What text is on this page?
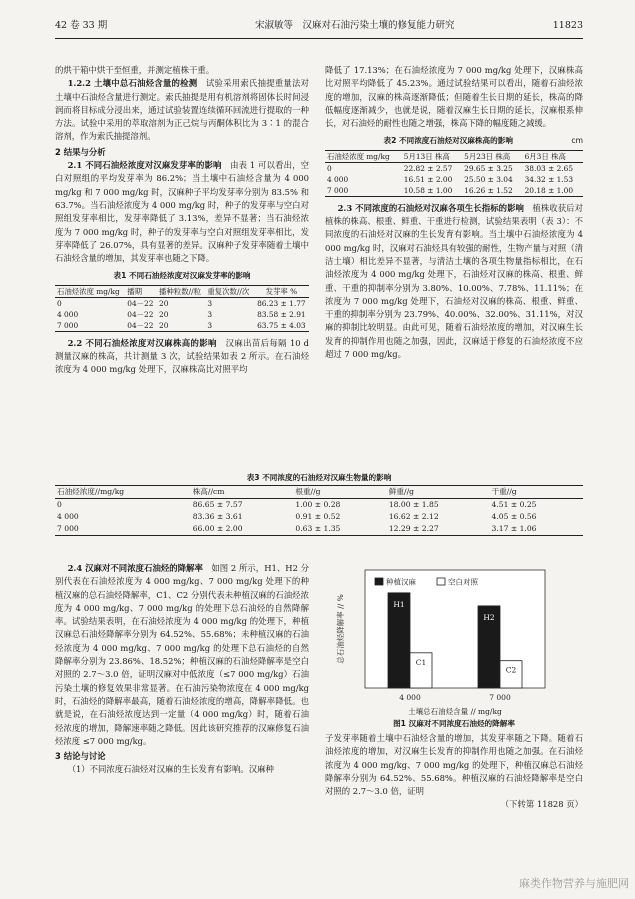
42 卷 33 期	宋淑敏等　 汉麻对石油污染土壤的修复能力研究	11823

的烘干箱中烘干至恒重，并测定植株干重。

1.2.2 土壤中总石油烃含量的检测　 试验采用索氏抽提重量法对土壤中石油烃含量进行测定。索氏抽提是用有机溶剂将固体长时间浸润而将目标成分浸出来，通过试验装置连续循环回流进行提取的一种方法。试验中采用的萃取溶剂为正己烷与丙酮体积比为 3∶1 的混合溶剂，作为索氏抽提溶剂。

2 结果与分析

2.1 不同石油烃浓度对汉麻发芽率的影响　 由表 1 可以看出，空白对照组的平均发芽率为 86.2%；当土壤中石油烃含量为 4 000 mg/kg 和 7 000 mg/kg 时，汉麻种子平均发芽率分别为 83.5% 和 63.7%。当石油烃浓度为 4 000 mg/kg 时，种子的发芽率与空白对照组发芽率相比，发芽率降低了 3.13%，差异不显著；当石油烃浓度为 7 000 mg/kg 时，种子的发芽率与空白对照组发芽率相比，发芽率降低了 26.07%，具有显著的差异。汉麻种子发芽率随着土壤中石油烃含量的增加，其发芽率也随之下降。

表1 不同石油烃浓度对汉麻发芽率的影响
石油烃浓度 mg/kg	播期	播种粒数//粒	重复次数//次	发芽率 %
0	04－22	20	3	86.23 ± 1.77
4 000	04－22	20	3	83.58 ± 2.91
7 000	04－22	20	3	63.75 ± 4.03

2.2 不同石油烃浓度对汉麻株高的影响　 汉麻出苗后每隔 10 d 测量汉麻的株高，共计测量 3 次，试验结果如表 2 所示。在石油烃浓度为 4 000 mg/kg 处理下，汉麻株高比对照平均

降低了 17.13%；在石油烃浓度为 7 000 mg/kg 处理下，汉麻株高比对照平均降低了 45.23%。通过试验结果可以看出，随着石油烃浓度的增加，汉麻的株高逐渐降低；但随着生长日期的延长，株高的降低幅度逐渐减少，也就是说，随着汉麻生长日期的延长，汉麻根系伸长，对石油烃的耐性也随之增强，株高下降的幅度随之减缓。

表2 不同浓度石油烃对汉麻株高的影响	cm
石油烃浓度 mg/kg	5月13日 株高	5月23日 株高	6月3日 株高
0	22.82 ± 2.57	29.65 ± 3.25	38.03 ± 2.65
4 000	16.51 ± 2.00	25.50 ± 3.04	34.32 ± 1.53
7 000	10.58 ± 1.00	16.26 ± 1.52	20.18 ± 1.00

2.3 不同浓度的石油烃对汉麻各项生长指标的影响　 植株收获后对植株的株高、根重、鲜重、干重进行检测，试验结果表明（表 3）：不同浓度的石油烃对汉麻的生长发育有影响。当土壤中石油烃浓度为 4 000 mg/kg 时，汉麻对石油烃具有较强的耐性，生物产量与对照（清洁土壤）相比差异不显著，与清洁土壤的各项生物量指标相比，在石油烃浓度为 4 000 mg/kg 处理下，石油烃对汉麻的株高、根重、鲜重、干重的抑制率分别为 3.80%、10.00%、7.78%、11.11%；在浓度为 7 000 mg/kg 处理下，石油烃对汉麻的株高、根重、鲜重、干重的抑制率分别为 23.79%、40.00%、32.00%、31.11%，对汉麻的抑制比较明显。由此可见，随着石油烃浓度的增加，对汉麻生长发育的抑制作用也随之加强，因此，汉麻适于修复的石油烃浓度不应超过 7 000 mg/kg。

表3 不同浓度的石油烃对汉麻生物量的影响
石油烃浓度//mg/kg	株高//cm	根重//g	鲜重//g	干重//g
0	86.65 ± 7.57	1.00 ± 0.28	18.00 ± 1.85	4.51 ± 0.25
4 000	83.36 ± 3.61	0.91 ± 0.52	16.62 ± 2.12	4.05 ± 0.56
7 000	66.00 ± 2.00	0.63 ± 1.35	12.29 ± 2.27	3.17 ± 1.06

2.4 汉麻对不同浓度石油烃的降解率　 如图 2 所示，H1、H2 分别代表在石油烃浓度为 4 000 mg/kg、7 000 mg/kg 处理下的种植汉麻的总石油烃降解率，C1、C2 分别代表未种植汉麻的石油烃浓度为 4 000 mg/kg、7 000 mg/kg 的处理下总石油烃的自然降解率。试验结果表明，在石油烃浓度为 4 000 mg/kg 的处理下，种植汉麻总石油烃降解率分别为 64.52%、55.68%；未种植汉麻的石油烃浓度为 4 000 mg/kg、7 000 mg/kg 的处理下总石油烃的自然降解率分别为 23.86%、18.52%；种植汉麻的石油烃降解率是空白对照的 2.7～3.0 倍，证明汉麻对中低浓度（≤7 000 mg/kg）石油污染土壤的修复效果非常显著。在石油污染物浓度在 4 000 mg/kg 时，石油烃的降解率最高，随着石油烃浓度的增高，降解率降低。也就是说，在石油烃浓度达到一定量（4 000 mg/kg）时，随着石油烃浓度的增加，降解速率随之降低。因此该研究推荐的汉麻修复石油烃浓度 ≤7 000 mg/kg。

3 结论与讨论

（1）不同浓度石油烃对汉麻的生长发育有影响。汉麻种

H1
C1
4 000
H2
C2
7 000
土壤总石油烃含量 // mg/kg
总石油烃降解率 // %
种植汉麻	空白对照
图1 汉麻对不同浓度石油烃的降解率

子发芽率随着土壤中石油烃含量的增加，其发芽率随之下降。随着石油烃浓度的增加，对汉麻生长发育的抑制作用也随之加强。在石油烃浓度为 4 000 mg/kg、7 000 mg/kg 的处理下，种植汉麻总石油烃降解率分别为 64.52%、55.68%。种植汉麻的石油烃降解率是空白对照的 2.7～3.0 倍，证明

（下转第 11828 页）

麻类作物营养与施肥网
